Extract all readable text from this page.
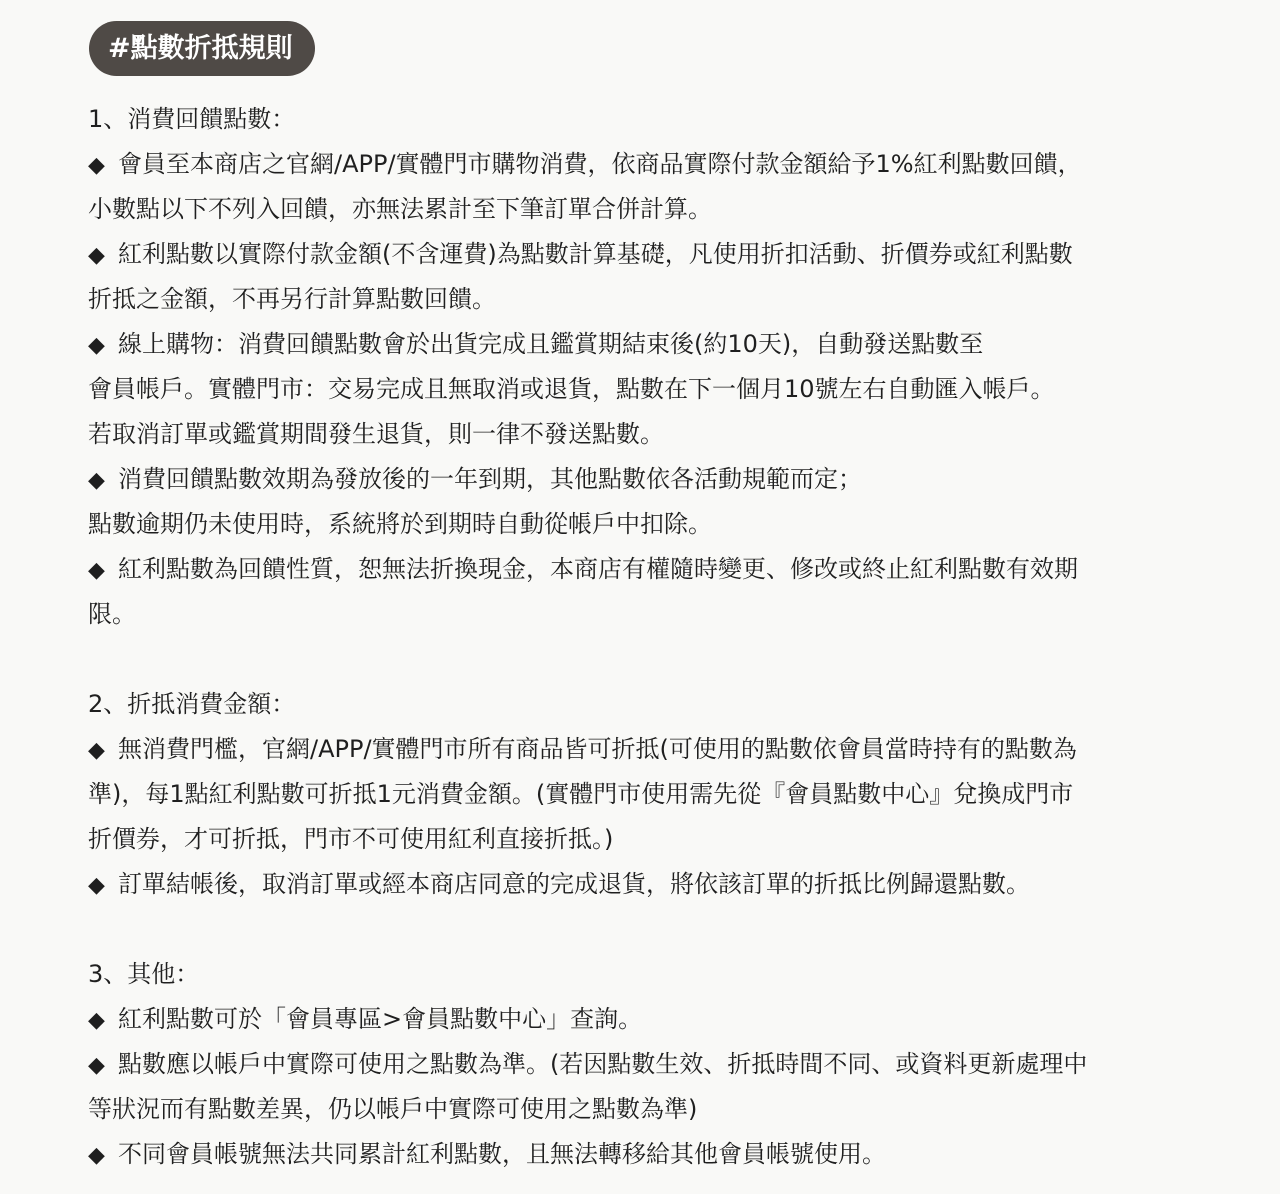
#點數折抵規則
1、消費回饋點數：
◆ 會員至本商店之官網/APP/實體門市購物消費，依商品實際付款金額給予1%紅利點數回饋，
小數點以下不列入回饋，亦無法累計至下筆訂單合併計算。
◆ 紅利點數以實際付款金額(不含運費)為點數計算基礎，凡使用折扣活動、折價券或紅利點數
折抵之金額，不再另行計算點數回饋。
◆ 線上購物：消費回饋點數會於出貨完成且鑑賞期結束後(約10天)，自動發送點數至
會員帳戶。實體門市：交易完成且無取消或退貨，點數在下一個月10號左右自動匯入帳戶。
若取消訂單或鑑賞期間發生退貨，則一律不發送點數。
◆ 消費回饋點數效期為發放後的一年到期，其他點數依各活動規範而定；
點數逾期仍未使用時，系統將於到期時自動從帳戶中扣除。
◆ 紅利點數為回饋性質，恕無法折換現金，本商店有權隨時變更、修改或終止紅利點數有效期
限。
2、折抵消費金額：
◆ 無消費門檻，官網/APP/實體門市所有商品皆可折抵(可使用的點數依會員當時持有的點數為
準)，每1點紅利點數可折抵1元消費金額。(實體門市使用需先從『會員點數中心』兌換成門市
折價券，才可折抵，門市不可使用紅利直接折抵。)
◆ 訂單結帳後，取消訂單或經本商店同意的完成退貨，將依該訂單的折抵比例歸還點數。
3、其他：
◆ 紅利點數可於「會員專區>會員點數中心」查詢。
◆ 點數應以帳戶中實際可使用之點數為準。(若因點數生效、折抵時間不同、或資料更新處理中
等狀況而有點數差異，仍以帳戶中實際可使用之點數為準)
◆ 不同會員帳號無法共同累計紅利點數，且無法轉移給其他會員帳號使用。
